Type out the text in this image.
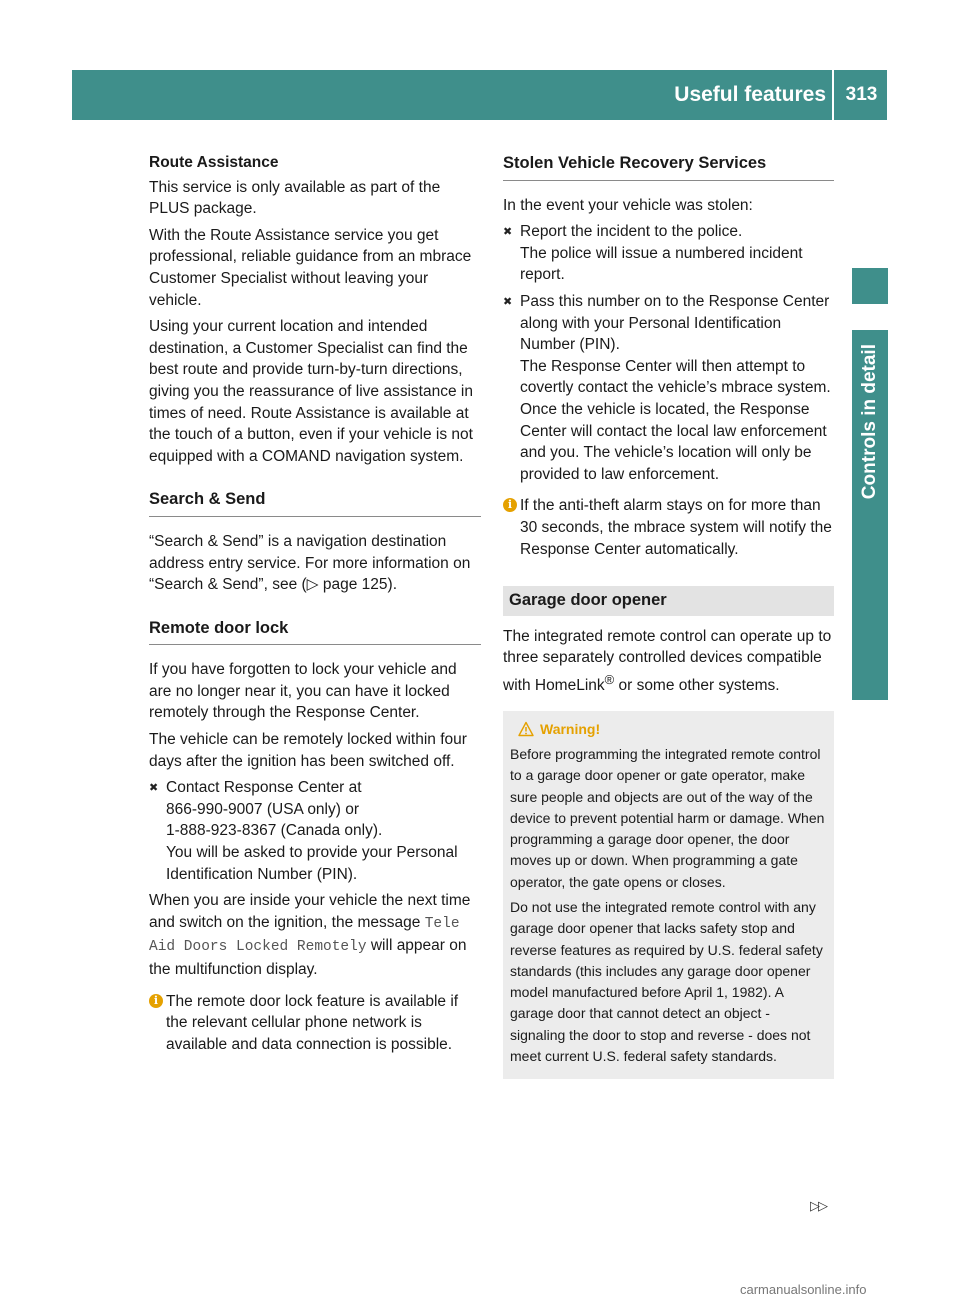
Useful features	313
Controls in detail
Route Assistance

This service is only available as part of the PLUS package.

With the Route Assistance service you get professional, reliable guidance from an mbrace Customer Specialist without leaving your vehicle.

Using your current location and intended destination, a Customer Specialist can find the best route and provide turn-by-turn directions, giving you the reassurance of live assistance in times of need. Route Assistance is available at the touch of a button, even if your vehicle is not equipped with a COMAND navigation system.

Search & Send

“Search & Send” is a navigation destination address entry service. For more information on “Search & Send”, see (▷ page 125).

Remote door lock

If you have forgotten to lock your vehicle and are no longer near it, you can have it locked remotely through the Response Center.

The vehicle can be remotely locked within four days after the ignition has been switched off.

✖ Contact Response Center at
866-990-9007 (USA only) or
1-888-923-8367 (Canada only).
You will be asked to provide your Personal Identification Number (PIN).

When you are inside your vehicle the next time and switch on the ignition, the message Tele Aid Doors Locked Remotely will appear on the multifunction display.

i The remote door lock feature is available if the relevant cellular phone network is available and data connection is possible.
Stolen Vehicle Recovery Services

In the event your vehicle was stolen:

✖ Report the incident to the police.
The police will issue a numbered incident report.
✖ Pass this number on to the Response Center along with your Personal Identification Number (PIN).
The Response Center will then attempt to covertly contact the vehicle’s mbrace system. Once the vehicle is located, the Response Center will contact the local law enforcement and you. The vehicle’s location will only be provided to law enforcement.
i If the anti-theft alarm stays on for more than 30 seconds, the mbrace system will notify the Response Center automatically.
Garage door opener

The integrated remote control can operate up to three separately controlled devices compatible with HomeLink® or some other systems.

Warning!

Before programming the integrated remote control to a garage door opener or gate operator, make sure people and objects are out of the way of the device to prevent potential harm or damage. When programming a garage door opener, the door moves up or down. When programming a gate operator, the gate opens or closes.

Do not use the integrated remote control with any garage door opener that lacks safety stop and reverse features as required by U.S. federal safety standards (this includes any garage door opener model manufactured before April 1, 1982). A garage door that cannot detect an object - signaling the door to stop and reverse - does not meet current U.S. federal safety standards.

▷▷
carmanualsonline.info
